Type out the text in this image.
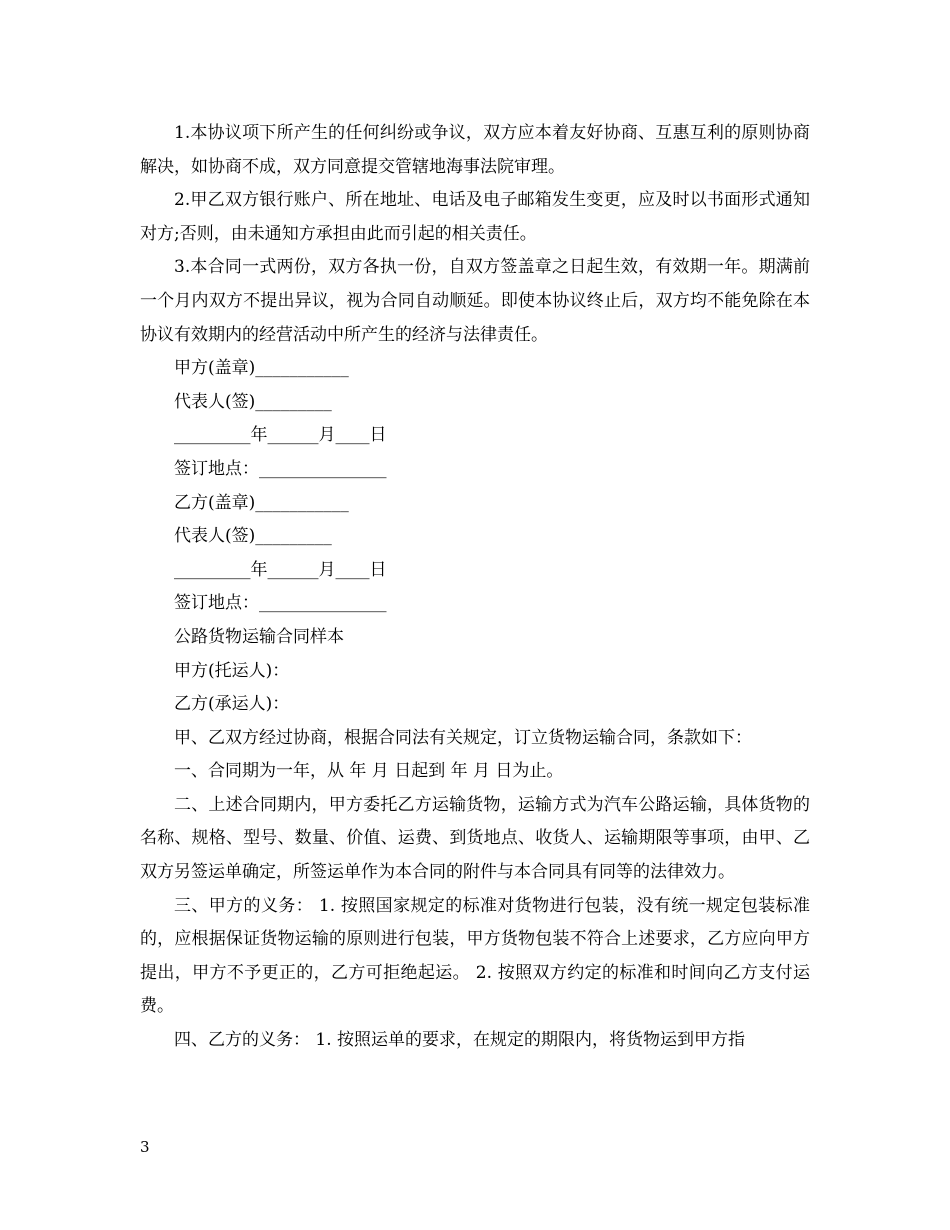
1.本协议项下所产生的任何纠纷或争议，双方应本着友好协商、互惠互利的原则协商解决，如协商不成，双方同意提交管辖地海事法院审理。

2.甲乙双方银行账户、所在地址、电话及电子邮箱发生变更，应及时以书面形式通知对方;否则，由未通知方承担由此而引起的相关责任。

3.本合同一式两份，双方各执一份，自双方签盖章之日起生效，有效期一年。期满前一个月内双方不提出异议，视为合同自动顺延。即使本协议终止后，双方均不能免除在本协议有效期内的经营活动中所产生的经济与法律责任。

甲方(盖章)___________

代表人(签)_________

_________年______月____日

签订地点：_______________

乙方(盖章)___________

代表人(签)_________

_________年______月____日

签订地点：_______________

公路货物运输合同样本

甲方(托运人)：

乙方(承运人)：

甲、乙双方经过协商，根据合同法有关规定，订立货物运输合同，条款如下：

一、合同期为一年，从 年 月 日起到 年 月 日为止。

二、上述合同期内，甲方委托乙方运输货物，运输方式为汽车公路运输，具体货物的名称、规格、型号、数量、价值、运费、到货地点、收货人、运输期限等事项，由甲、乙双方另签运单确定，所签运单作为本合同的附件与本合同具有同等的法律效力。

三、甲方的义务： 1. 按照国家规定的标准对货物进行包装，没有统一规定包装标准的，应根据保证货物运输的原则进行包装，甲方货物包装不符合上述要求，乙方应向甲方提出，甲方不予更正的，乙方可拒绝起运。 2. 按照双方约定的标准和时间向乙方支付运费。

四、乙方的义务： 1. 按照运单的要求，在规定的期限内，将货物运到甲方指

3
